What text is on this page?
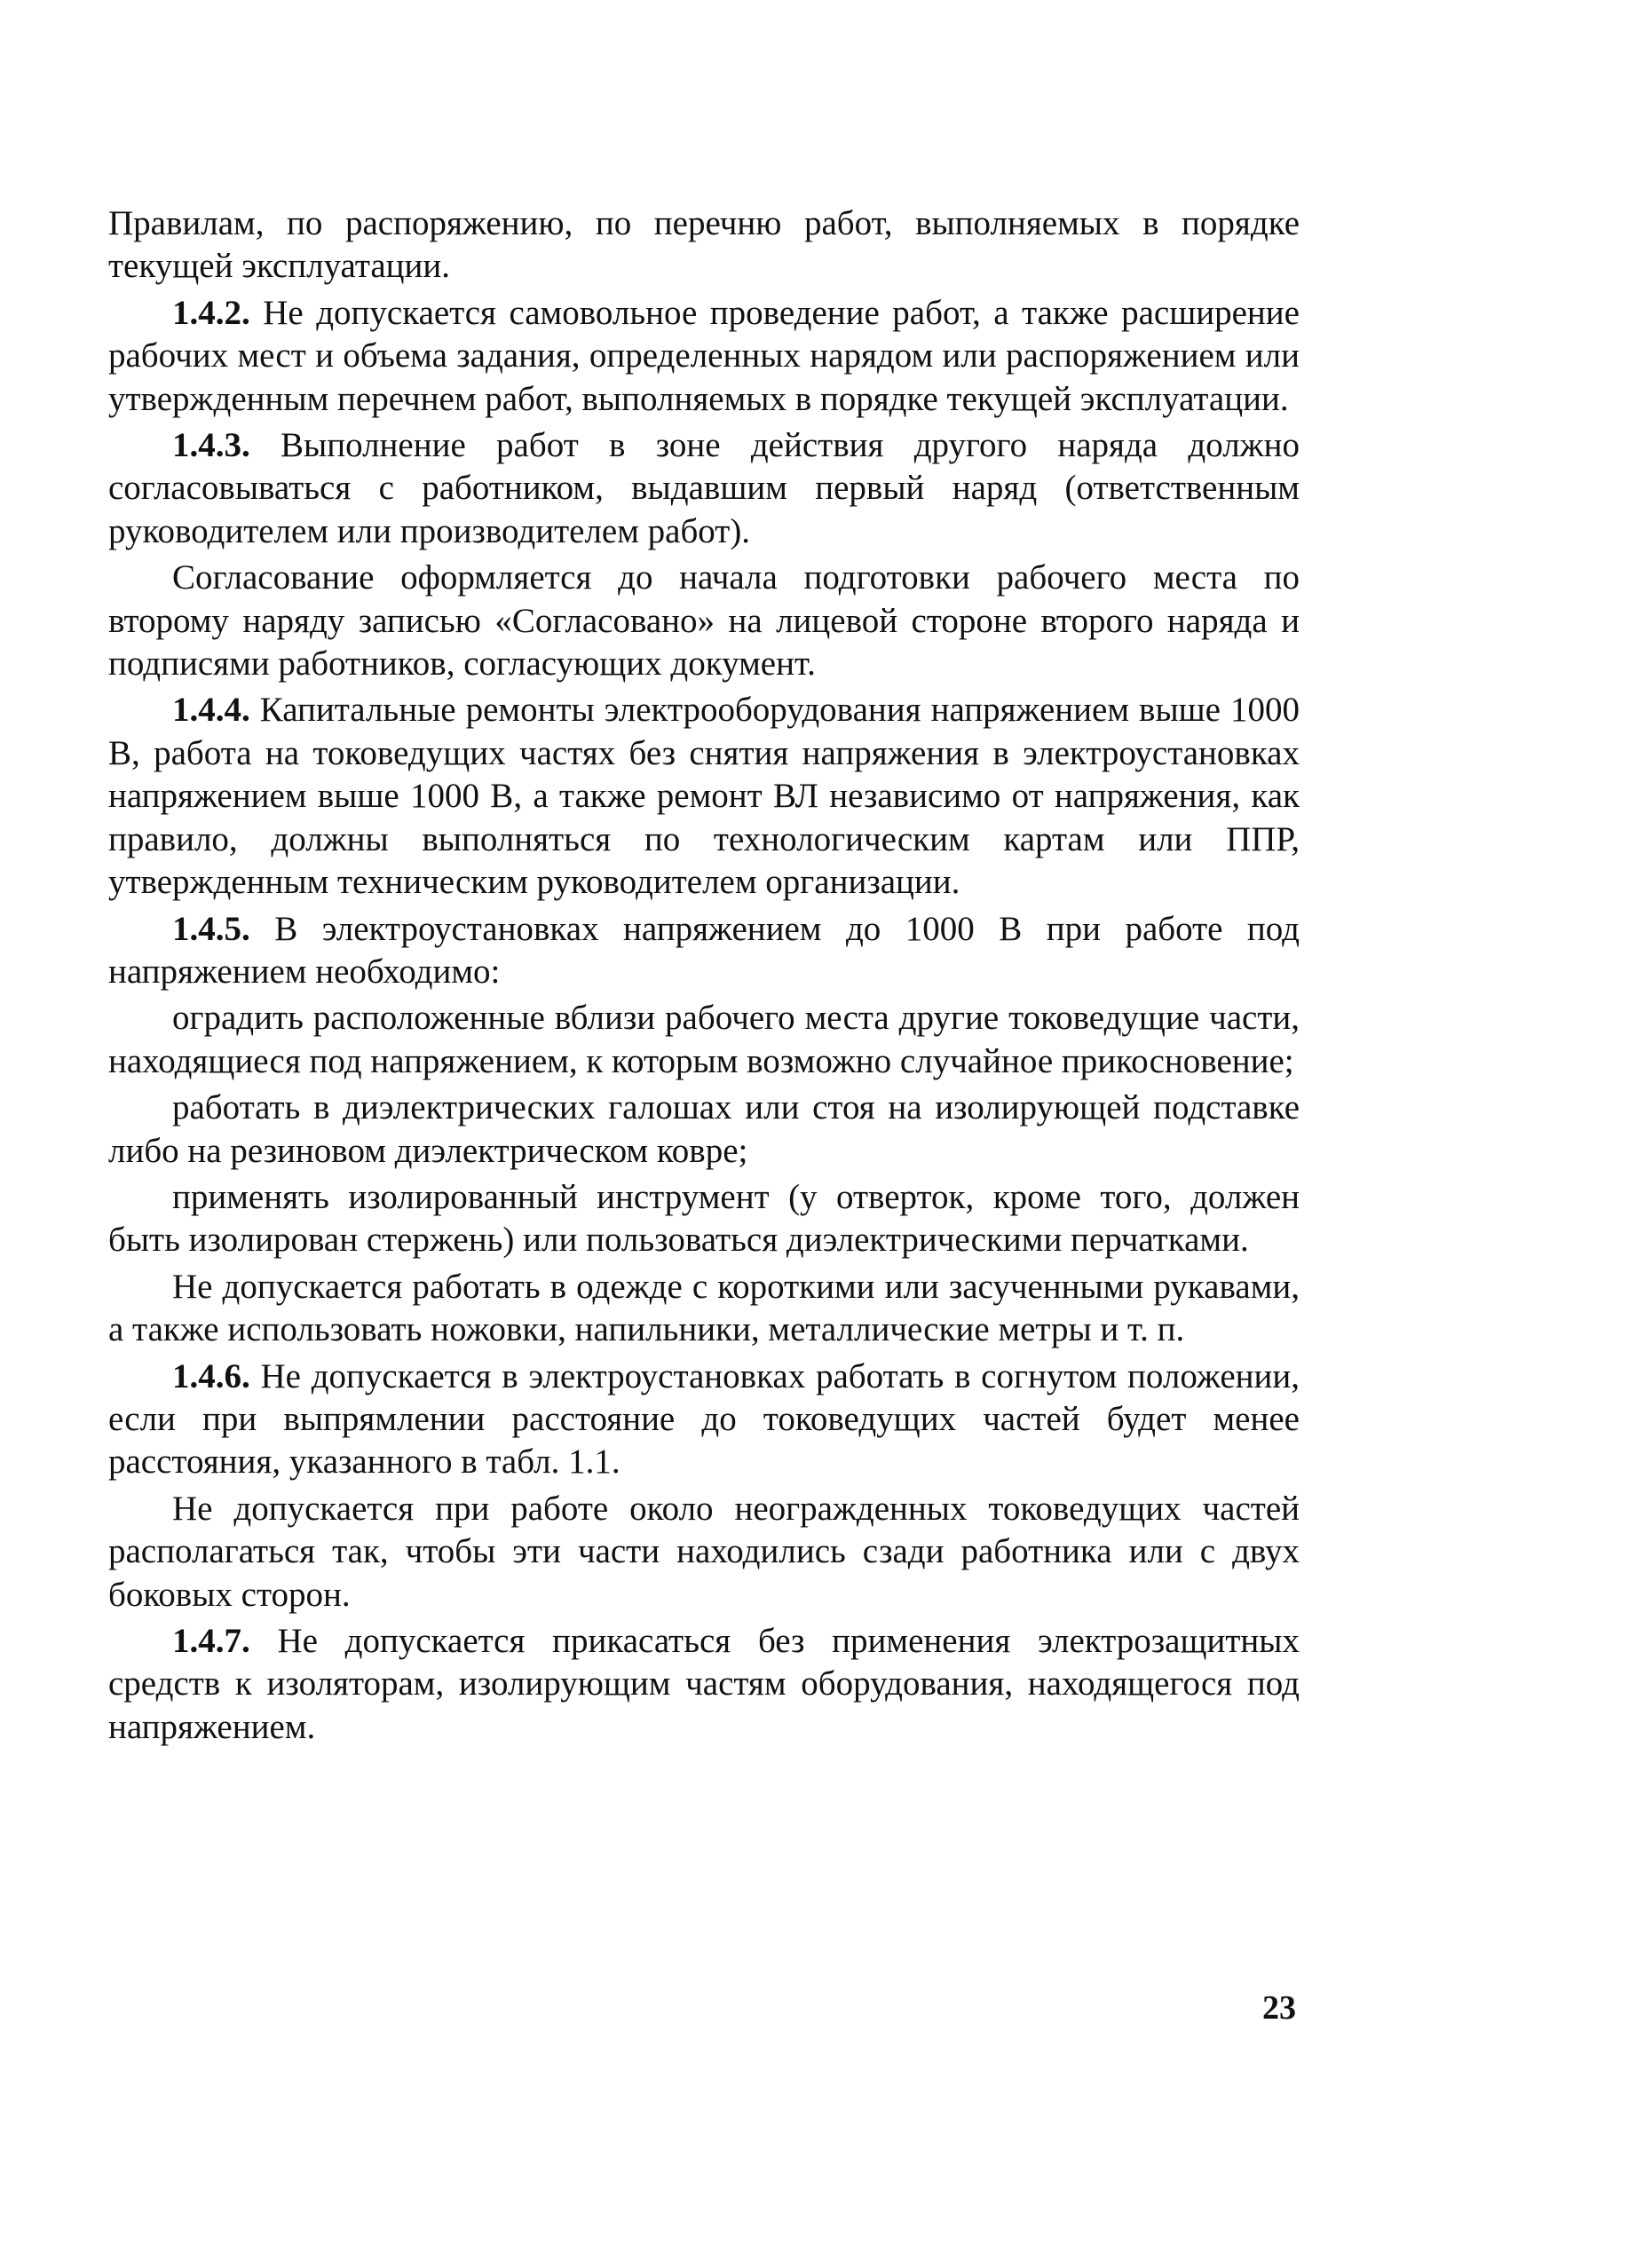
Правилам, по распоряжению, по перечню работ, выполняемых в порядке текущей эксплуатации.

1.4.2. Не допускается самовольное проведение работ, а также расширение рабочих мест и объема задания, определенных нарядом или распоряжением или утвержденным перечнем работ, выполняемых в порядке текущей эксплуатации.

1.4.3. Выполнение работ в зоне действия другого наряда должно согласовываться с работником, выдавшим первый наряд (ответственным руководителем или производителем работ).

Согласование оформляется до начала подготовки рабочего места по второму наряду записью «Согласовано» на лицевой стороне второго наряда и подписями работников, согласующих документ.

1.4.4. Капитальные ремонты электрооборудования напряжением выше 1000 В, работа на токоведущих частях без снятия напряжения в электроустановках напряжением выше 1000 В, а также ремонт ВЛ независимо от напряжения, как правило, должны выполняться по технологическим картам или ППР, утвержденным техническим руководителем организации.

1.4.5. В электроустановках напряжением до 1000 В при работе под напряжением необходимо:

оградить расположенные вблизи рабочего места другие токоведущие части, находящиеся под напряжением, к которым возможно случайное прикосновение;

работать в диэлектрических галошах или стоя на изолирующей подставке либо на резиновом диэлектрическом коврe;

применять изолированный инструмент (у отверток, кроме того, должен быть изолирован стержень) или пользоваться диэлектрическими перчатками.

Не допускается работать в одежде с короткими или засученными рукавами, а также использовать ножовки, напильники, металлические метры и т. п.

1.4.6. Не допускается в электроустановках работать в согнутом положении, если при выпрямлении расстояние до токоведущих частей будет менее расстояния, указанного в табл. 1.1.

Не допускается при работе около неогражденных токоведущих частей располагаться так, чтобы эти части находились сзади работника или с двух боковых сторон.

1.4.7. Не допускается прикасаться без применения электрозащитных средств к изоляторам, изолирующим частям оборудования, находящегося под напряжением.

23
